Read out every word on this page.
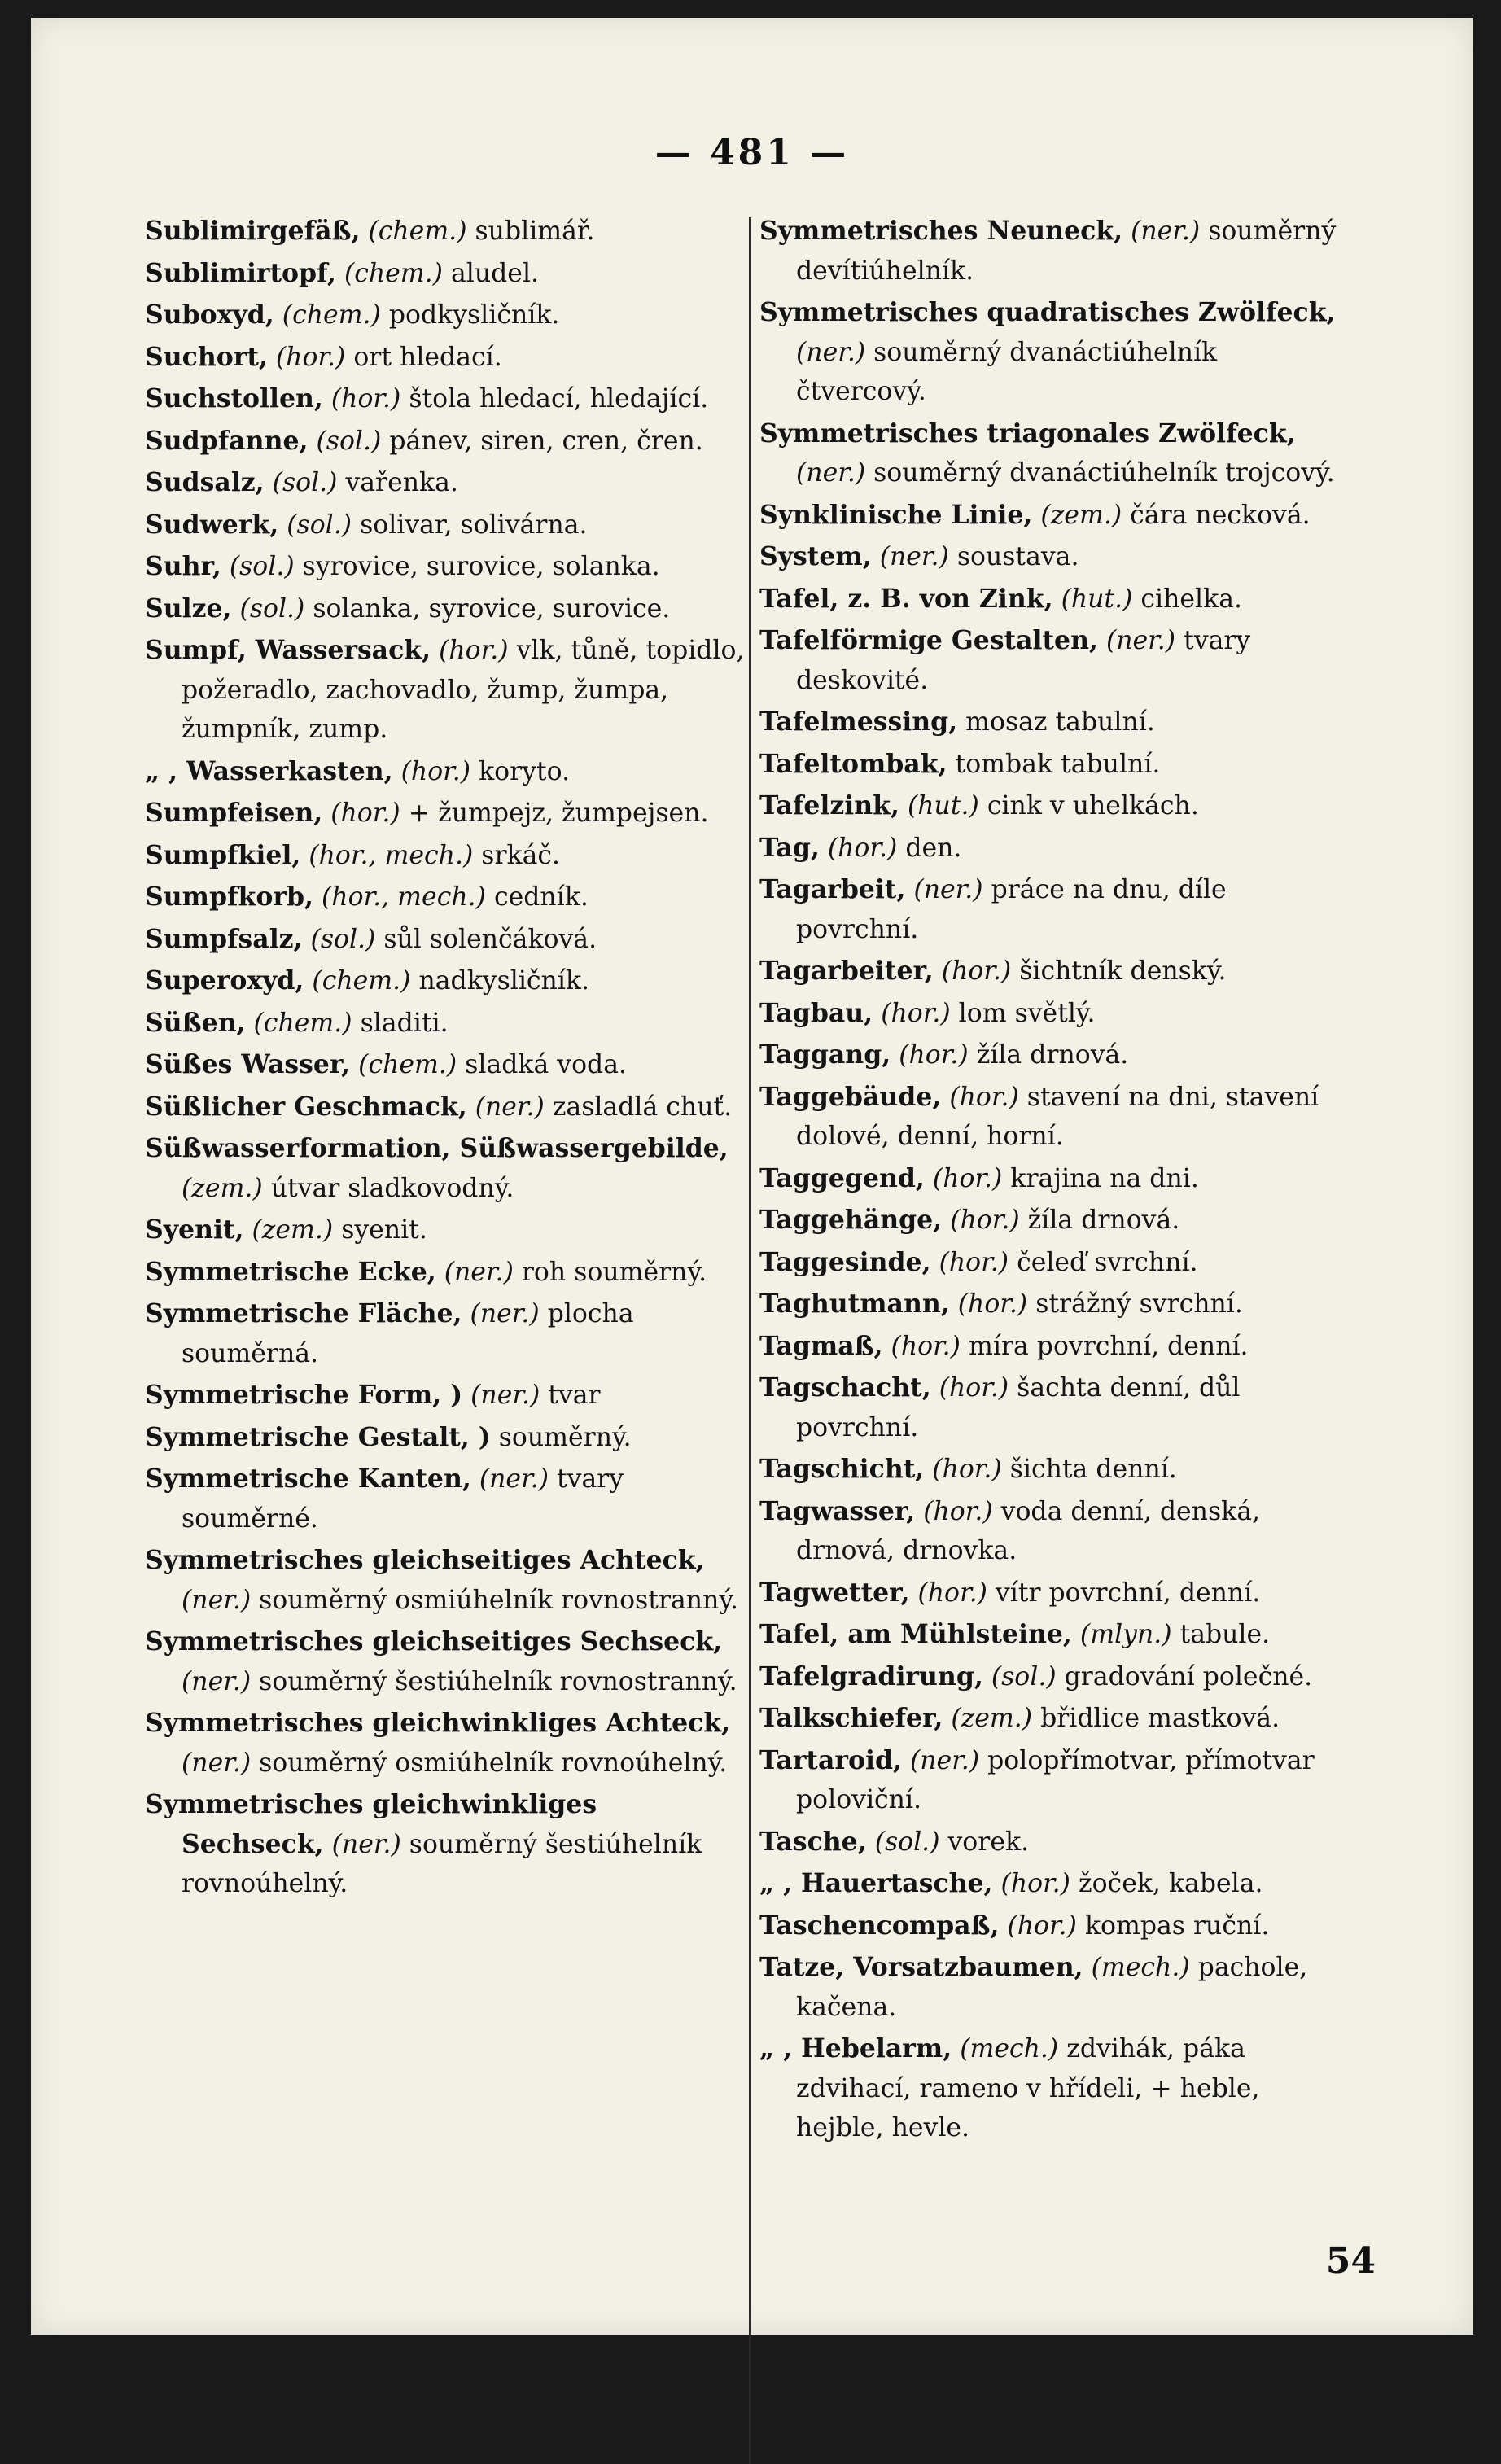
— 481 —
Sublimirgefäß, (chem.) sublimář.
Sublimirtopf, (chem.) aludel.
Suboxyd, (chem.) podkysličník.
Suchort, (hor.) ort hledací.
Suchstollen, (hor.) štola hledací, hledající.
Sudpfanne, (sol.) pánev, siren, cren, čren.
Sudsalz, (sol.) vařenka.
Sudwerk, (sol.) solivar, solivárna.
Suhr, (sol.) syrovice, surovice, solanka.
Sulze, (sol.) solanka, syrovice, surovice.
Sumpf, Wassersack, (hor.) vlk, tůně, topidlo, požeradlo, zachovadlo, žump, žumpa, žumpník, zump.
„ , Wasserkasten, (hor.) koryto.
Sumpfeisen, (hor.) + žumpejz, žumpejsen.
Sumpfkiel, (hor., mech.) srkáč.
Sumpfkorb, (hor., mech.) cedník.
Sumpfsalz, (sol.) sůl solenčáková.
Superoxyd, (chem.) nadkysličník.
Süßen, (chem.) sladiti.
Süßes Wasser, (chem.) sladká voda.
Süßlicher Geschmack, (ner.) zasladlá chuť.
Süßwasserformation, Süßwassergebilde, (zem.) útvar sladkovodný.
Syenit, (zem.) syenit.
Symmetrische Ecke, (ner.) roh souměrný.
Symmetrische Fläche, (ner.) plocha souměrná.
Symmetrische Form, ) (ner.) tvar
Symmetrische Gestalt, ) souměrný.
Symmetrische Kanten, (ner.) tvary souměrné.
Symmetrisches gleichseitiges Achteck, (ner.) souměrný osmiúhelník rovnostranný.
Symmetrisches gleichseitiges Sechseck, (ner.) souměrný šestiúhelník rovnostranný.
Symmetrisches gleichwinkliges Achteck, (ner.) souměrný osmiúhelník rovnoúhelný.
Symmetrisches gleichwinkliges Sechseck, (ner.) souměrný šestiúhelník rovnoúhelný.
Symmetrisches Neuneck, (ner.) souměrný devítiúhelník.
Symmetrisches quadratisches Zwölfeck, (ner.) souměrný dvanáctiúhelník čtvercový.
Symmetrisches triagonales Zwölfeck, (ner.) souměrný dvanáctiúhelník trojcový.
Synklinische Linie, (zem.) čára necková.
System, (ner.) soustava.
Tafel, z. B. von Zink, (hut.) cihelka.
Tafelförmige Gestalten, (ner.) tvary deskovité.
Tafelmessing, mosaz tabulní.
Tafeltombak, tombak tabulní.
Tafelzink, (hut.) cink v uhelkách.
Tag, (hor.) den.
Tagarbeit, (ner.) práce na dnu, díle povrchní.
Tagarbeiter, (hor.) šichtník denský.
Tagbau, (hor.) lom světlý.
Taggang, (hor.) žíla drnová.
Taggebäude, (hor.) stavení na dni, stavení dolové, denní, horní.
Taggegend, (hor.) krajina na dni.
Taggehänge, (hor.) žíla drnová.
Taggesinde, (hor.) čeleď svrchní.
Taghutmann, (hor.) strážný svrchní.
Tagmaß, (hor.) míra povrchní, denní.
Tagschacht, (hor.) šachta denní, důl povrchní.
Tagschicht, (hor.) šichta denní.
Tagwasser, (hor.) voda denní, denská, drnová, drnovka.
Tagwetter, (hor.) vítr povrchní, denní.
Tafel, am Mühlsteine, (mlyn.) tabule.
Tafelgradirung, (sol.) gradování polečné.
Talkschiefer, (zem.) břidlice mastková.
Tartaroid, (ner.) polopřímotvar, přímotvar poloviční.
Tasche, (sol.) vorek.
„ , Hauertasche, (hor.) žoček, kabela.
Taschencompaß, (hor.) kompas ruční.
Tatze, Vorsatzbaumen, (mech.) pachole, kačena.
„ , Hebelarm, (mech.) zdvihák, páka zdvihací, rameno v hřídeli, + heble, hejble, hevle.
54
